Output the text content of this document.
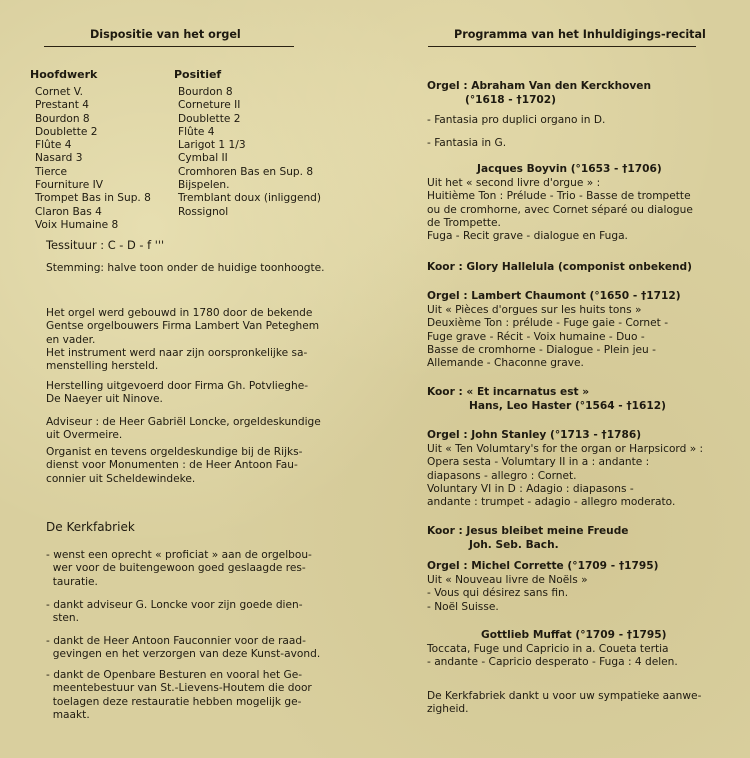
Dispositie van het orgel
Hoofdwerk
Cornet V.
Prestant 4
Bourdon 8
Doublette 2
Flûte 4
Nasard 3
Tierce
Fourniture IV
Trompet Bas in Sup. 8
Claron Bas 4
Voix Humaine 8
Positief
Bourdon 8
Corneture II
Doublette 2
Flûte 4
Larigot 1 1/3
Cymbal II
Cromhoren Bas en Sup. 8
Bijspelen.
Tremblant doux (inliggend)
Rossignol
Tessituur : C - D - f '''
Stemming: halve toon onder de huidige toonhoogte.
Het orgel werd gebouwd in 1780 door de bekende
Gentse orgelbouwers Firma Lambert Van Peteghem
en vader.
Het instrument werd naar zijn oorspronkelijke sa-
menstelling hersteld.
Herstelling uitgevoerd door Firma Gh. Potvlieghe-
De Naeyer uit Ninove.
Adviseur : de Heer Gabriël Loncke, orgeldeskundige
uit Overmeire.
Organist en tevens orgeldeskundige bij de Rijks-
dienst voor Monumenten : de Heer Antoon Fau-
connier uit Scheldewindeke.
De Kerkfabriek
- wenst een oprecht « proficiat » aan de orgelbou-
wer voor de buitengewoon goed geslaagde res-
tauratie.
- dankt adviseur G. Loncke voor zijn goede dien-
sten.
- dankt de Heer Antoon Fauconnier voor de raad-
gevingen en het verzorgen van deze Kunst-avond.
- dankt de Openbare Besturen en vooral het Ge-
meentebestuur van St.-Lievens-Houtem die door
toelagen deze restauratie hebben mogelijk ge-
maakt.
Programma van het Inhuldigings-recital
Orgel : Abraham Van den Kerckhoven
(°1618 - †1702)
- Fantasia pro duplici organo in D.
- Fantasia in G.
Jacques Boyvin (°1653 - †1706)
Uit het « second livre d'orgue » :
Huitième Ton : Prélude - Trio - Basse de trompette
ou de cromhorne, avec Cornet séparé ou dialogue
de Trompette.
Fuga - Recit grave - dialogue en Fuga.
Koor : Glory Hallelula (componist onbekend)
Orgel : Lambert Chaumont (°1650 - †1712)
Uit « Pièces d'orgues sur les huits tons »
Deuxième Ton : prélude - Fuge gaie - Cornet -
Fuge grave - Récit - Voix humaine - Duo -
Basse de cromhorne - Dialogue - Plein jeu -
Allemande - Chaconne grave.
Koor : « Et incarnatus est »
Hans, Leo Haster (°1564 - †1612)
Orgel : John Stanley (°1713 - †1786)
Uit « Ten Volumtary's for the organ or Harpsicord » :
Opera sesta - Volumtary II in a : andante :
diapasons - allegro : Cornet.
Voluntary VI in D : Adagio : diapasons -
andante : trumpet - adagio - allegro moderato.
Koor : Jesus bleibet meine Freude
Joh. Seb. Bach.
Orgel : Michel Corrette (°1709 - †1795)
Uit « Nouveau livre de Noëls »
- Vous qui désirez sans fin.
- Noël Suisse.
Gottlieb Muffat (°1709 - †1795)
Toccata, Fuge und Capricio in a. Coueta tertia
- andante - Capricio desperato - Fuga : 4 delen.
De Kerkfabriek dankt u voor uw sympatieke aanwe-
zigheid.
